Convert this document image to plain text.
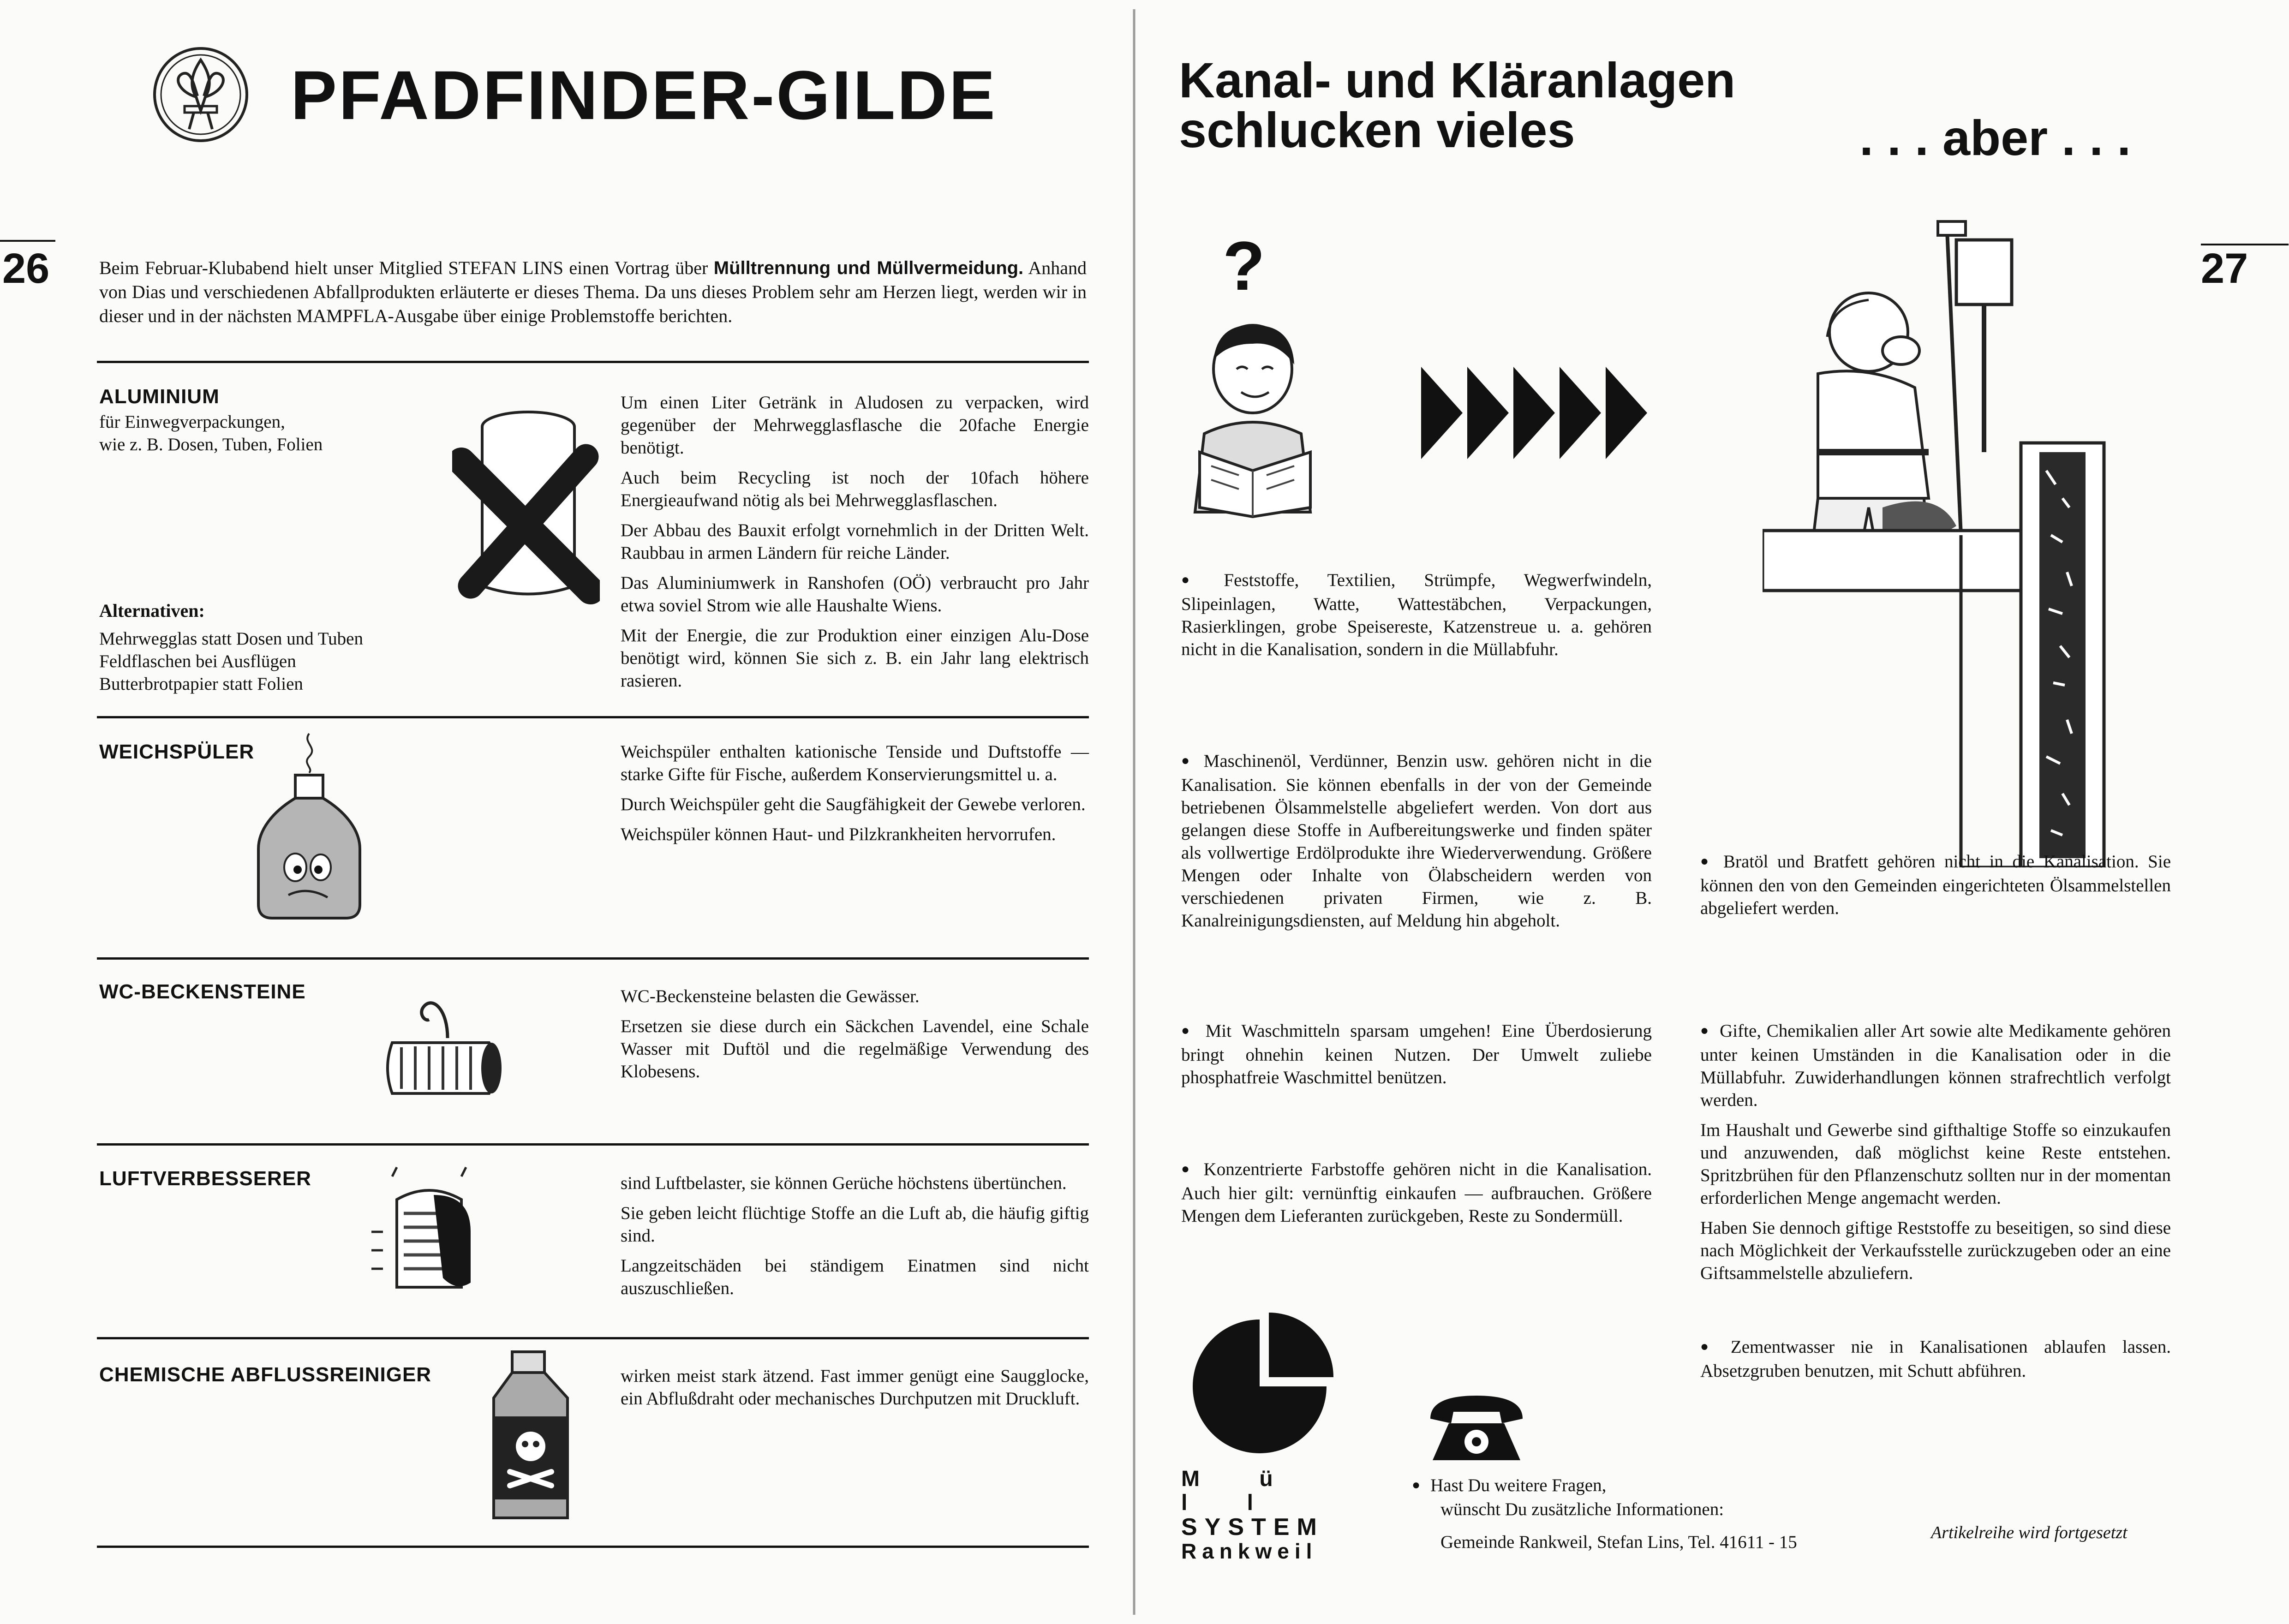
PFADFINDER-GILDE
26	Beim Februar-Klubabend hielt unser Mitglied STEFAN LINS einen Vortrag über Mülltrennung und Müllvermeidung. Anhand von Dias und verschiedenen Abfallprodukten erläuterte er dieses Thema. Da uns dieses Problem sehr am Herzen liegt, werden wir in dieser und in der nächsten MAMPFLA-Ausgabe über einige Problemstoffe berichten.
ALUMINIUM
für Einwegverpackungen,
wie z. B. Dosen, Tuben, Folien
Alternativen:
Mehrwegglas statt Dosen und Tuben
Feldflaschen bei Ausflügen
Butterbrotpapier statt Folien

Um einen Liter Getränk in Aludosen zu verpacken, wird gegenüber der Mehrwegglasflasche die 20fache Energie benötigt.

Auch beim Recycling ist noch der 10fach höhere Energieaufwand nötig als bei Mehrwegglasflaschen.

Der Abbau des Bauxit erfolgt vornehmlich in der Dritten Welt. Raubbau in armen Ländern für reiche Länder.

Das Aluminiumwerk in Ranshofen (OÖ) verbraucht pro Jahr etwa soviel Strom wie alle Haushalte Wiens.

Mit der Energie, die zur Produktion einer einzigen Alu-Dose benötigt wird, können Sie sich z. B. ein Jahr lang elektrisch rasieren.

WEICHSPÜLER	Weichspüler enthalten kationische Tenside und Duftstoffe — starke Gifte für Fische, außerdem Konservierungsmittel u. a.

Durch Weichspüler geht die Saugfähigkeit der Gewebe verloren.

Weichspüler können Haut- und Pilzkrankheiten hervorrufen.

WC-BECKENSTEINE	WC-Beckensteine belasten die Gewässer.

Ersetzen sie diese durch ein Säckchen Lavendel, eine Schale Wasser mit Duftöl und die regelmäßige Verwendung des Klobesens.

LUFTVERBESSERER	sind Luftbelaster, sie können Gerüche höchstens übertünchen.

Sie geben leicht flüchtige Stoffe an die Luft ab, die häufig giftig sind.

Langzeitschäden bei ständigem Einatmen sind nicht auszuschließen.

CHEMISCHE ABFLUSSREINIGER	wirken meist stark ätzend. Fast immer genügt eine Saugglocke, ein Abflußdraht oder mechanisches Durchputzen mit Druckluft.

Kanal- und Kläranlagen
schlucken vieles	. . . aber . . .
27
?
● Feststoffe, Textilien, Strümpfe, Wegwerfwindeln, Slipeinlagen, Watte, Wattestäbchen, Verpackungen, Rasierklingen, grobe Speisereste, Katzenstreue u. a. gehören nicht in die Kanalisation, sondern in die Müllabfuhr.
● Maschinenöl, Verdünner, Benzin usw. gehören nicht in die Kanalisation. Sie können ebenfalls in der von der Gemeinde betriebenen Ölsammelstelle abgeliefert werden. Von dort aus gelangen diese Stoffe in Aufbereitungswerke und finden später als vollwertige Erdölprodukte ihre Wiederverwendung. Größere Mengen oder Inhalte von Ölabscheidern werden von verschiedenen privaten Firmen, wie z. B. Kanalreinigungsdiensten, auf Meldung hin abgeholt.
● Bratöl und Bratfett gehören nicht in die Kanalisation. Sie können den von den Gemeinden eingerichteten Ölsammelstellen abgeliefert werden.
● Mit Waschmitteln sparsam umgehen! Eine Überdosierung bringt ohnehin keinen Nutzen. Der Umwelt zuliebe phosphatfreie Waschmittel benützen.

● Gifte, Chemikalien aller Art sowie alte Medikamente gehören unter keinen Umständen in die Kanalisation oder in die Müllabfuhr. Zuwiderhandlungen können strafrechtlich verfolgt werden.

Im Haushalt und Gewerbe sind gifthaltige Stoffe so einzukaufen und anzuwenden, daß möglichst keine Reste entstehen. Spritzbrühen für den Pflanzenschutz sollten nur in der momentan erforderlichen Menge angemacht werden.

Haben Sie dennoch giftige Reststoffe zu beseitigen, so sind diese nach Möglichkeit der Verkaufsstelle zurückzugeben oder an eine Giftsammelstelle abzuliefern.

● Konzentrierte Farbstoffe gehören nicht in die Kanalisation. Auch hier gilt: vernünftig einkaufen — aufbrauchen. Größere Mengen dem Lieferanten zurückgeben, Reste zu Sondermüll.
● Zementwasser nie in Kanalisationen ablaufen lassen. Absetzgruben benutzen, mit Schutt abführen.
M ü l l
SYSTEM
Rankweil
● Hast Du weitere Fragen,
wünscht Du zusätzliche Informationen:
Gemeinde Rankweil, Stefan Lins, Tel. 41611 - 15	Artikelreihe wird fortgesetzt
